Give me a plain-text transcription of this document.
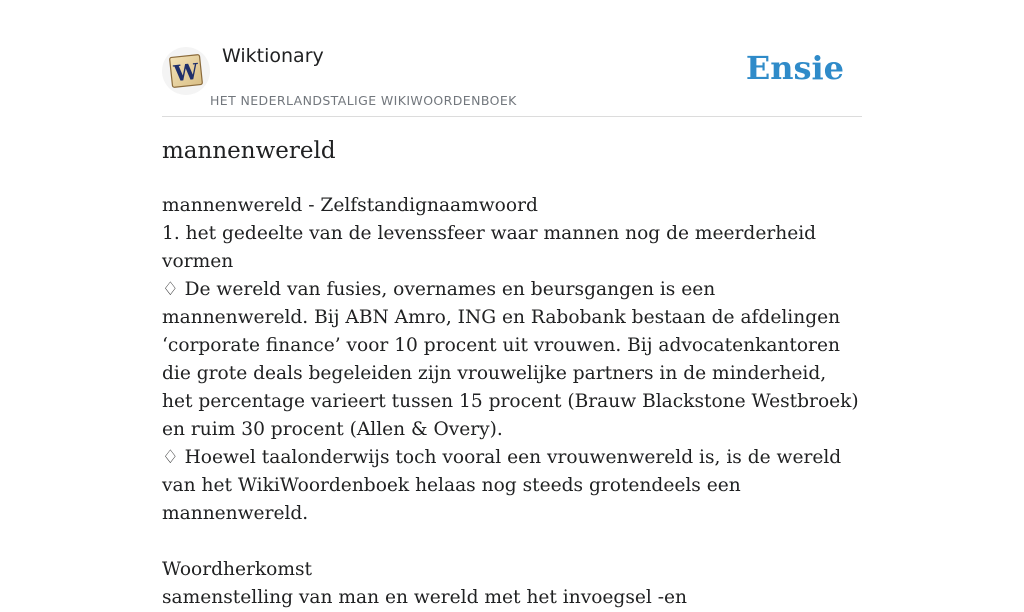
W
Wiktionary
HET NEDERLANDSTALIGE WIKIWOORDENBOEK
Ensie
mannenwereld

mannenwereld - Zelfstandignaamwoord

1. het gedeelte van de levenssfeer waar mannen nog de meerderheid vormen

♢ De wereld van fusies, overnames en beursgangen is een mannenwereld. Bij ABN Amro, ING en Rabobank bestaan de afdelingen ‘corporate finance’ voor 10 procent uit vrouwen. Bij advocatenkantoren die grote deals begeleiden zijn vrouwelijke partners in de minderheid, het percentage varieert tussen 15 procent (Brauw Blackstone Westbroek) en ruim 30 procent (Allen & Overy).

♢ Hoewel taalonderwijs toch vooral een vrouwenwereld is, is de wereld van het WikiWoordenboek helaas nog steeds grotendeels een mannenwereld.

Woordherkomst

samenstelling van man en wereld met het invoegsel -en
